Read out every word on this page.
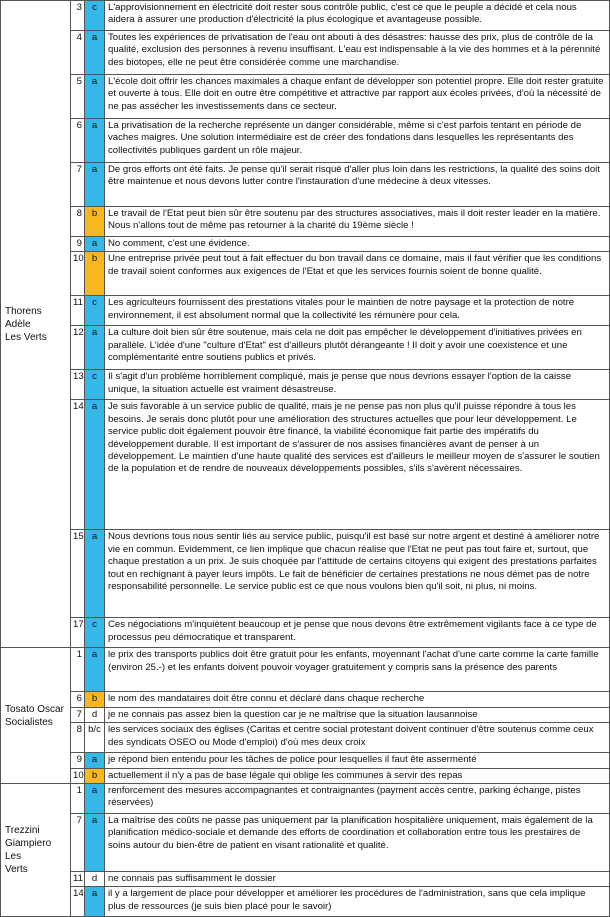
Thorens Adèle
Les Verts	3	c	L'approvisionnement en électricité doit rester sous contrôle public, c'est ce que le peuple a décidé et cela nous aidera à assurer une production d'électricité la plus écologique et avantageuse possible.
	4	a	Toutes les expériences de privatisation de l'eau ont abouti à des désastres: hausse des prix, plus de contrôle de la qualité, exclusion des personnes à revenu insuffisant. L'eau est indispensable à la vie des hommes et à la pérennité des biotopes, elle ne peut être considérée comme une marchandise.
	5	a	L'école doit offrir les chances maximales à chaque enfant de développer son potentiel propre. Elle doit rester gratuite et ouverte à tous. Elle doit en outre être compétitive et attractive par rapport aux écoles privées, d'où la nécessité de ne pas assécher les investissements dans ce secteur.
	6	a	La privatisation de la recherche représente un danger considérable, même si c'est parfois tentant en période de vaches maigres. Une solution intermédiaire est de créer des fondations dans lesquelles les représentants des collectivités publiques gardent un rôle majeur.
	7	a	De gros efforts ont été faits. Je pense qu'il serait risqué d'aller plus loin dans les restrictions, la qualité des soins doit être maintenue et nous devons lutter contre l'instauration d'une médecine à deux vitesses.
	8	b	Le travail de l'Etat peut bien sûr être soutenu par des structures associatives, mais il doit rester leader en la matière. Nous n'allons tout de même pas retourner à la charité du 19ème siècle !
	9	a	No comment, c'est une évidence.
	10	b	Une entreprise privée peut tout à fait effectuer du bon travail dans ce domaine, mais il faut vérifier que les conditions de travail soient conformes aux exigences de l'Etat et que les services fournis soient de bonne qualité.
	11	c	Les agriculteurs fournissent des prestations vitales pour le maintien de notre paysage et la protection de notre environnement, il est absolument normal que la collectivité les rémunère pour cela.
	12	a	La culture doit bien sûr être soutenue, mais cela ne doit pas empêcher le développement d'initiatives privées en parallèle. L'idée d'une "culture d'Etat" est d'ailleurs plutôt dérangeante ! Il doit y avoir une coexistence et une complémentarité entre soutiens publics et privés.
	13	c	Il s'agit d'un problème horriblement compliqué, mais je pense que nous devrions essayer l'option de la caisse unique, la situation actuelle est vraiment désastreuse.
	14	a	Je suis favorable à un service public de qualité, mais je ne pense pas non plus qu'il puisse répondre à tous les besoins. Je serais donc plutôt pour une amélioration des structures actuelles que pour leur développement. Le service public doit également pouvoir être financé, la viabilité économique fait partie des impératifs du développement durable. Il est important de s'assurer de nos assises financières avant de penser à un développement. Le maintien d'une haute qualité des services est d'ailleurs le meilleur moyen de s'assurer le soutien de la population et de rendre de nouveaux développements possibles, s'ils s'avèrent nécessaires.
	15	a	Nous devrions tous nous sentir liés au service public, puisqu'il est basé sur notre argent et destiné à améliorer notre vie en commun. Evidemment, ce lien implique que chacun réalise que l'Etat ne peut pas tout faire et, surtout, que chaque prestation a un prix. Je suis choquée par l'attitude de certains citoyens qui exigent des prestations parfaites tout en rechignant à payer leurs impôts. Le fait de bénéficier de certaines prestations ne nous démet pas de notre responsabilité personnelle. Le service public est ce que nous voulons bien qu'il soit, ni plus, ni moins.
	17	c	Ces négociations m'inquiètent beaucoup et je pense que nous devons être extrêmement vigilants face à ce type de processus peu démocratique et transparent.
Tosato Oscar
Socialistes	1	a	le prix des transports publics doit être gratuit pour les enfants, moyennant l'achat d'une carte comme la carte famille (environ 25.-) et les enfants doivent pouvoir voyager gratuitement y compris sans la présence des parents
	6	b	le nom des mandataires doit être connu et déclaré dans chaque recherche
	7	d	je ne connais pas assez bien la question car je ne maîtrise que la situation lausannoise
	8	b/c	les services sociaux des églises (Caritas et centre social protestant doivent continuer d'être soutenus comme ceux des syndicats OSEO ou Mode d'emploi) d'où mes deux croix
	9	a	je répond bien entendu pour les tâches de police pour lesquelles il faut ête assermenté
	10	b	actuellement il n'y a pas de base légale qui oblige les communes à servir des repas
Trezzini
Giampiero Les
Verts	1	a	renforcement des mesures accompagnantes et contraignantes (payment accès centre, parking échange, pistes réservées)
	7	a	La maîtrise des coûts ne passe pas uniquement par la planification hospitalière uniquement, mais également de la planification médico-sociale et demande des efforts de coordination et collaboration entre tous les prestaires de soins autour du bien-être de patient en visant rationalité et qualité.
	11	d	ne connais pas suffisamment le dossier
	14	a	il y a largement de place pour développer et améliorer les procédures de l'administration, sans que cela implique plus de ressources (je suis bien placé pour le savoir)
